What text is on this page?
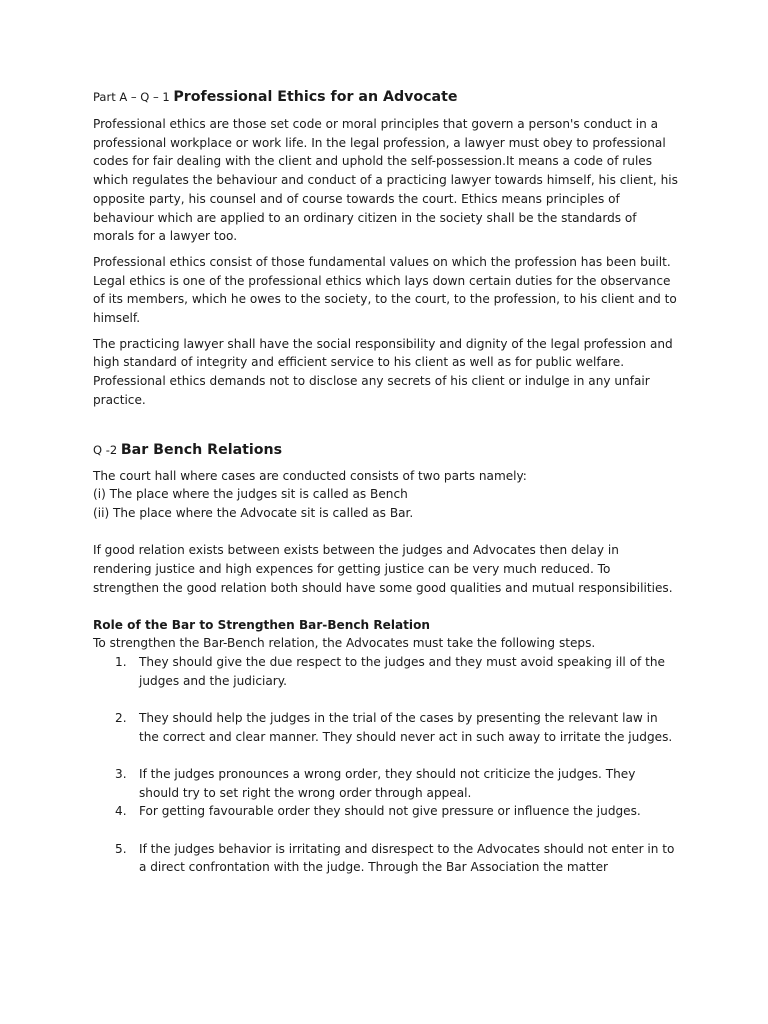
Part A – Q – 1 Professional Ethics for an Advocate

Professional ethics are those set code or moral principles that govern a person's conduct in a professional workplace or work life. In the legal profession, a lawyer must obey to professional codes for fair dealing with the client and uphold the self-possession.It means a code of rules which regulates the behaviour and conduct of a practicing lawyer towards himself, his client, his opposite party, his counsel and of course towards the court. Ethics means principles of behaviour which are applied to an ordinary citizen in the society shall be the standards of morals for a lawyer too.

Professional ethics consist of those fundamental values on which the profession has been built. Legal ethics is one of the professional ethics which lays down certain duties for the observance of its members, which he owes to the society, to the court, to the profession, to his client and to himself.

The practicing lawyer shall have the social responsibility and dignity of the legal profession and high standard of integrity and efficient service to his client as well as for public welfare. Professional ethics demands not to disclose any secrets of his client or indulge in any unfair practice.

Q -2 Bar Bench Relations
The court hall where cases are conducted consists of two parts namely:
(i) The place where the judges sit is called as Bench
(ii) The place where the Advocate sit is called as Bar.
If good relation exists between exists between the judges and Advocates then delay in rendering justice and high expences for getting justice can be very much reduced. To strengthen the good relation both should have some good qualities and mutual responsibilities.
Role of the Bar to Strengthen Bar-Bench Relation
To strengthen the Bar-Bench relation, the Advocates must take the following steps.
1. They should give the due respect to the judges and they must avoid speaking ill of the judges and the judiciary.
2. They should help the judges in the trial of the cases by presenting the relevant law in the correct and clear manner. They should never act in such away to irritate the judges.
3. If the judges pronounces a wrong order, they should not criticize the judges. They should try to set right the wrong order through appeal.
4. For getting favourable order they should not give pressure or influence the judges.
5. If the judges behavior is irritating and disrespect to the Advocates should not enter in to a direct confrontation with the judge. Through the Bar Association the matter
